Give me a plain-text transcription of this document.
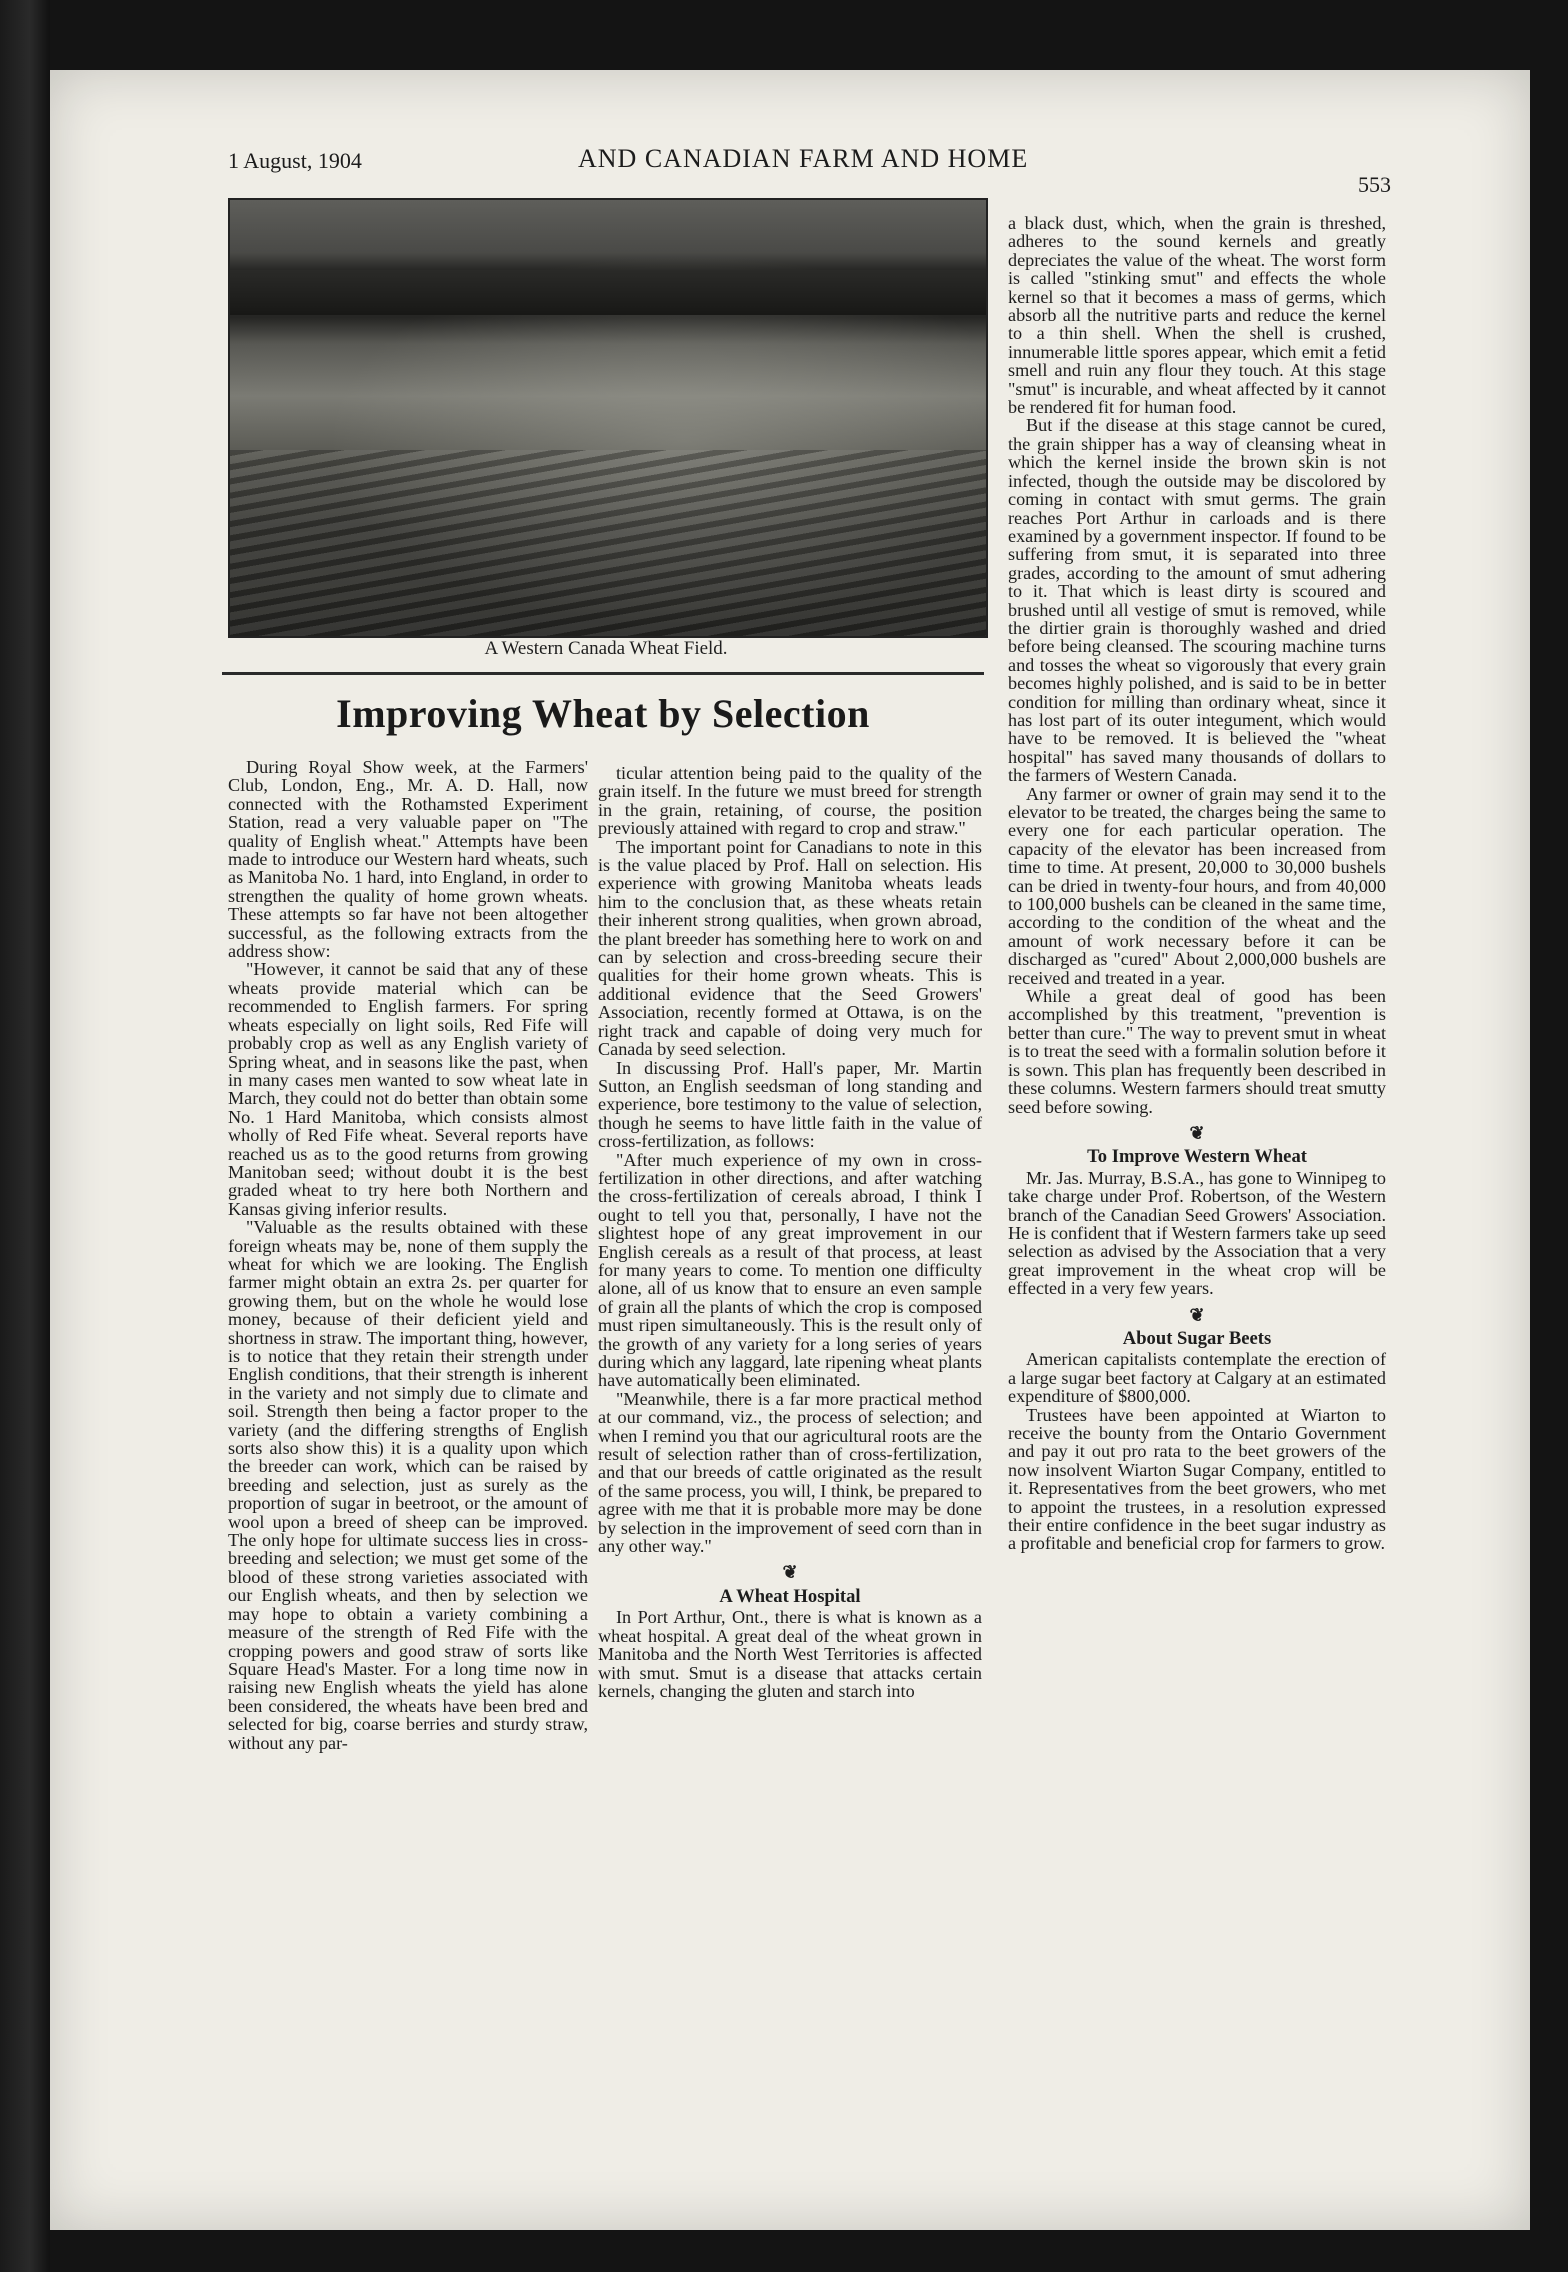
1 August, 1904	AND CANADIAN FARM AND HOME
553
A Western Canada Wheat Field.
Improving Wheat by Selection

During Royal Show week, at the Farmers' Club, London, Eng., Mr. A. D. Hall, now connected with the Rothamsted Experiment Station, read a very valuable paper on "The quality of English wheat." Attempts have been made to introduce our Western hard wheats, such as Manitoba No. 1 hard, into England, in order to strengthen the quality of home grown wheats. These attempts so far have not been altogether successful, as the following extracts from the address show:

"However, it cannot be said that any of these wheats provide material which can be recommended to English farmers. For spring wheats especially on light soils, Red Fife will probably crop as well as any English variety of Spring wheat, and in seasons like the past, when in many cases men wanted to sow wheat late in March, they could not do better than obtain some No. 1 Hard Manitoba, which consists almost wholly of Red Fife wheat. Several reports have reached us as to the good returns from growing Manitoban seed; without doubt it is the best graded wheat to try here both Northern and Kansas giving inferior results.

"Valuable as the results obtained with these foreign wheats may be, none of them supply the wheat for which we are looking. The English farmer might obtain an extra 2s. per quarter for growing them, but on the whole he would lose money, because of their deficient yield and shortness in straw. The important thing, however, is to notice that they retain their strength under English conditions, that their strength is inherent in the variety and not simply due to climate and soil. Strength then being a factor proper to the variety (and the differing strengths of English sorts also show this) it is a quality upon which the breeder can work, which can be raised by breeding and selection, just as surely as the proportion of sugar in beetroot, or the amount of wool upon a breed of sheep can be improved. The only hope for ultimate success lies in cross-breeding and selection; we must get some of the blood of these strong varieties associated with our English wheats, and then by selection we may hope to obtain a variety combining a measure of the strength of Red Fife with the cropping powers and good straw of sorts like Square Head's Master. For a long time now in raising new English wheats the yield has alone been considered, the wheats have been bred and selected for big, coarse berries and sturdy straw, without any par-

ticular attention being paid to the quality of the grain itself. In the future we must breed for strength in the grain, retaining, of course, the position previously attained with regard to crop and straw."

The important point for Canadians to note in this is the value placed by Prof. Hall on selection. His experience with growing Manitoba wheats leads him to the conclusion that, as these wheats retain their inherent strong qualities, when grown abroad, the plant breeder has something here to work on and can by selection and cross-breeding secure their qualities for their home grown wheats. This is additional evidence that the Seed Growers' Association, recently formed at Ottawa, is on the right track and capable of doing very much for Canada by seed selection.

In discussing Prof. Hall's paper, Mr. Martin Sutton, an English seedsman of long standing and experience, bore testimony to the value of selection, though he seems to have little faith in the value of cross-fertilization, as follows:

"After much experience of my own in cross-fertilization in other directions, and after watching the cross-fertilization of cereals abroad, I think I ought to tell you that, personally, I have not the slightest hope of any great improvement in our English cereals as a result of that process, at least for many years to come. To mention one difficulty alone, all of us know that to ensure an even sample of grain all the plants of which the crop is composed must ripen simultaneously. This is the result only of the growth of any variety for a long series of years during which any laggard, late ripening wheat plants have automatically been eliminated.

"Meanwhile, there is a far more practical method at our command, viz., the process of selection; and when I remind you that our agricultural roots are the result of selection rather than of cross-fertilization, and that our breeds of cattle originated as the result of the same process, you will, I think, be prepared to agree with me that it is probable more may be done by selection in the improvement of seed corn than in any other way."

❦
A Wheat Hospital

In Port Arthur, Ont., there is what is known as a wheat hospital. A great deal of the wheat grown in Manitoba and the North West Territories is affected with smut. Smut is a disease that attacks certain kernels, changing the gluten and starch into

a black dust, which, when the grain is threshed, adheres to the sound kernels and greatly depreciates the value of the wheat. The worst form is called "stinking smut" and effects the whole kernel so that it becomes a mass of germs, which absorb all the nutritive parts and reduce the kernel to a thin shell. When the shell is crushed, innumerable little spores appear, which emit a fetid smell and ruin any flour they touch. At this stage "smut" is incurable, and wheat affected by it cannot be rendered fit for human food.

But if the disease at this stage cannot be cured, the grain shipper has a way of cleansing wheat in which the kernel inside the brown skin is not infected, though the outside may be discolored by coming in contact with smut germs. The grain reaches Port Arthur in carloads and is there examined by a government inspector. If found to be suffering from smut, it is separated into three grades, according to the amount of smut adhering to it. That which is least dirty is scoured and brushed until all vestige of smut is removed, while the dirtier grain is thoroughly washed and dried before being cleansed. The scouring machine turns and tosses the wheat so vigorously that every grain becomes highly polished, and is said to be in better condition for milling than ordinary wheat, since it has lost part of its outer integument, which would have to be removed. It is believed the "wheat hospital" has saved many thousands of dollars to the farmers of Western Canada.

Any farmer or owner of grain may send it to the elevator to be treated, the charges being the same to every one for each particular operation. The capacity of the elevator has been increased from time to time. At present, 20,000 to 30,000 bushels can be dried in twenty-four hours, and from 40,000 to 100,000 bushels can be cleaned in the same time, according to the condition of the wheat and the amount of work necessary before it can be discharged as "cured" About 2,000,000 bushels are received and treated in a year.

While a great deal of good has been accomplished by this treatment, "prevention is better than cure." The way to prevent smut in wheat is to treat the seed with a formalin solution before it is sown. This plan has frequently been described in these columns. Western farmers should treat smutty seed before sowing.

❦
To Improve Western Wheat

Mr. Jas. Murray, B.S.A., has gone to Winnipeg to take charge under Prof. Robertson, of the Western branch of the Canadian Seed Growers' Association. He is confident that if Western farmers take up seed selection as advised by the Association that a very great improvement in the wheat crop will be effected in a very few years.

❦
About Sugar Beets

American capitalists contemplate the erection of a large sugar beet factory at Calgary at an estimated expenditure of $800,000.

Trustees have been appointed at Wiarton to receive the bounty from the Ontario Government and pay it out pro rata to the beet growers of the now insolvent Wiarton Sugar Company, entitled to it. Representatives from the beet growers, who met to appoint the trustees, in a resolution expressed their entire confidence in the beet sugar industry as a profitable and beneficial crop for farmers to grow.
